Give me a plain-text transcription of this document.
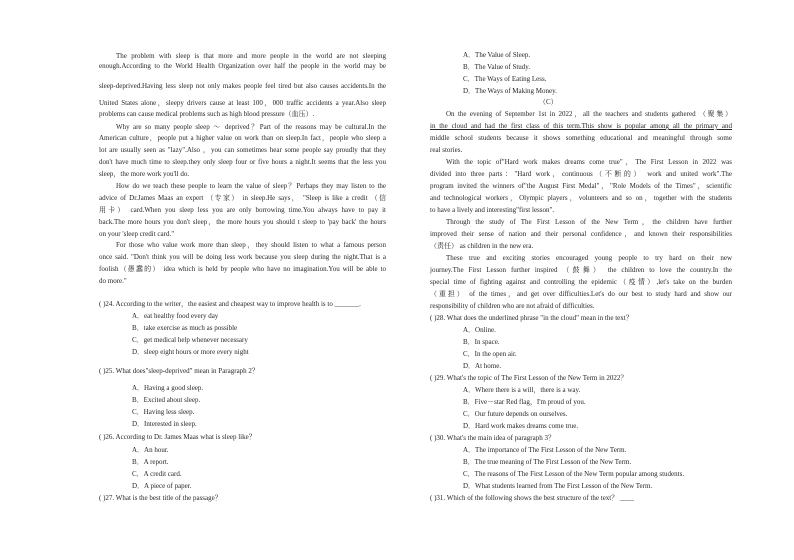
The problem with sleep is that more and more people in the world are not sleeping
enough.According to the World Health Organization over half the people in the world may be
sleep-deprived.Having less sleep not only makes people feel tired but also causes accidents.In the
United States alone，sleepy drivers cause at least 100，000 traffic accidents a year.Also sleep
problems can cause medical problems such as high blood pressure（血压）.
Why are so many people sleep ～ deprived？Part of the reasons may be cultural.In the
American culture，people put a higher value on work than on sleep.In fact，people who sleep a
lot are usually seen as "lazy".Also ，you can sometimes hear some people say proudly that they
don't have much time to sleep.they only sleep four or five hours a night.It seems that the less you
sleep，the more work you'll do.
How do we teach these people to learn the value of sleep？Perhaps they may listen to the
advice of Dr.James Maas an expert （专家） in sleep.He says， "Sleep is like a credit （信
用卡） card.When you sleep less you are only borrowing time.You always have to pay it
back.The more hours you don't sleep，the more hours you should t sleep to 'pay back' the hours
on your 'sleep credit card."
For those who value work more than sleep，they should listen to what a famous person
once said. "Don't think you will be doing less work because you sleep during the night.That is a
foolish（愚蠢的） idea which is held by people who have no imagination.You will be able to
do more."
( )24. According to the writer，the easiest and cheapest way to improve health is to _______.
A．eat healthy food every day
B．take exercise as much as possible
C．get medical help whenever necessary
D．sleep eight hours or more every night
( )25. What does"sleep-deprived" mean in Paragraph 2？
A．Having a good sleep.
B．Excited about sleep.
C．Having less sleep.
D．Interested in sleep.
( )26. According to Dr. James Maas what is sleep like？
A．An hour.
B．A report.
C．A credit card.
D．A piece of paper.
( )27. What is the best title of the passage？
A．The Value of Sleep.
B．The Value of Study.
C．The Ways of Eating Less.
D．The Ways of Making Money.
（C）
On the evening of September 1st in 2022，all the teachers and students gathered （聚集）
in the cloud and had the first class of this term.This show is popular among all the primary and
middle school students because it shows something educational and meaningful through some
real stories.
With the topic of"Hard work makes dreams come true"，The First Lesson in 2022 was
divided into three parts："Hard work，continuous（不断的） work and united work".The
program invited the winners of"the August First Medal"，"Role Models of the Times"，scientific
and technological workers，Olympic players，volunteers and so on，together with the students
to have a lively and interesting"first lesson".
Through the study of The First Lesson of the New Term，the children have further
improved their sense of nation and their personal confidence，and known their responsibilities
（责任） as children in the new era.
These true and exciting stories encouraged young people to try hard on their new
journey.The First Lesson further inspired （鼓舞） the children to love the country.In the
special time of fighting against and controlling the epidemic（疫情）,let's take on the burden
（重担） of the times，and get over difficulties.Let's do our best to study hard and show our
responsibility of children who are not afraid of difficulties.
( )28. What does the underlined phrase "in the cloud" mean in the text？
A．Online.
B．In space.
C．In the open air.
D．At home.
( )29. What's the topic of The First Lesson of the New Term in 2022？
A．Where there is a will，there is a way.
B．Five－star Red flag，I'm proud of you.
C．Our future depends on ourselves.
D．Hard work makes dreams come true.
( )30. What's the main idea of paragraph 3？
A．The importance of The First Lesson of the New Term.
B．The true meaning of The First Lesson of the New Term.
C．The reasons of The First Lesson of the New Term popular among students.
D．What students learned from The First Lesson of the New Term.
( )31. Which of the following shows the best structure of the text？ ____
